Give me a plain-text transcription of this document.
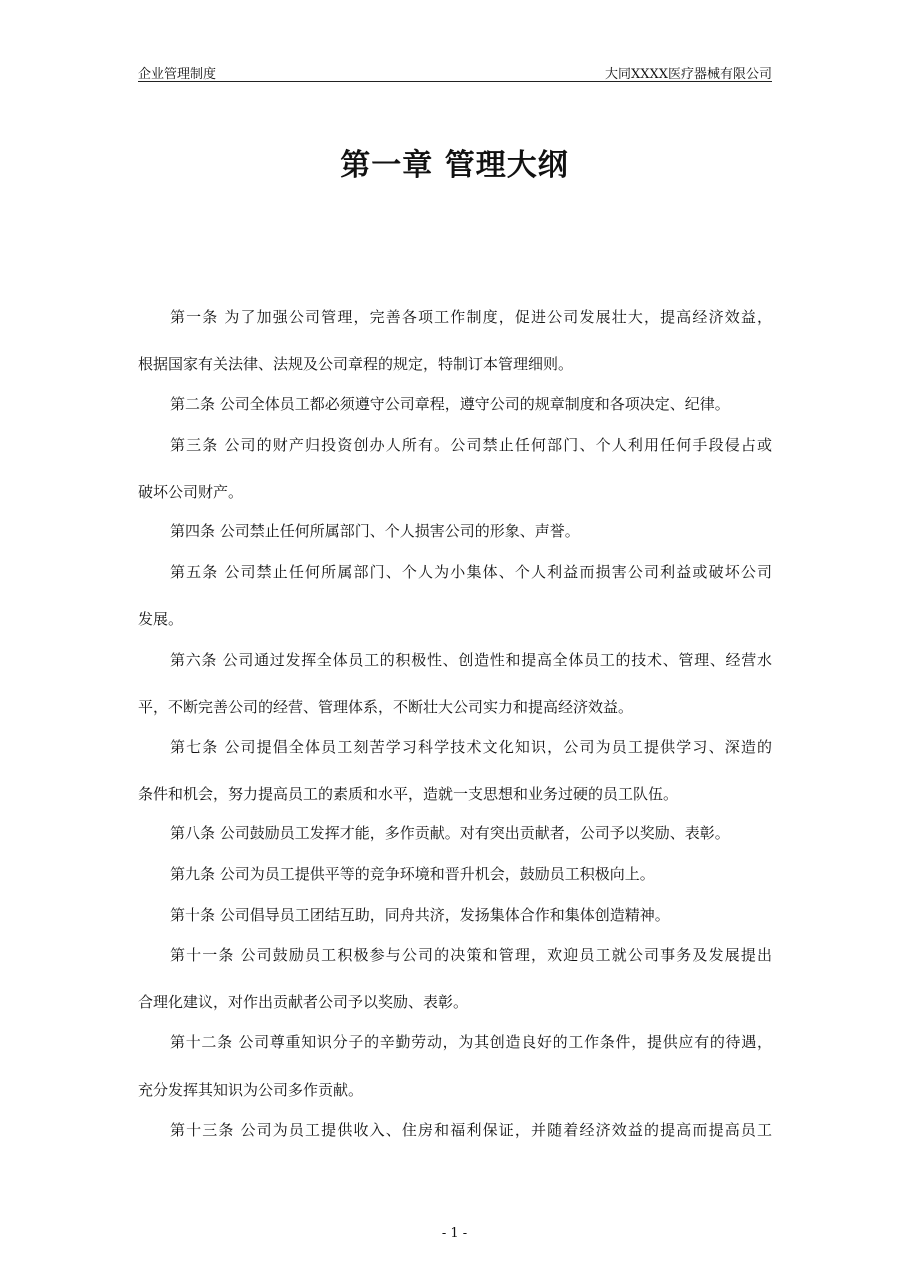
企业管理制度	大同XXXX医疗器械有限公司
第一章 管理大纲
第一条 为了加强公司管理，完善各项工作制度，促进公司发展壮大，提高经济效益，
根据国家有关法律、法规及公司章程的规定，特制订本管理细则。
第二条 公司全体员工都必须遵守公司章程，遵守公司的规章制度和各项决定、纪律。
第三条 公司的财产归投资创办人所有。公司禁止任何部门、个人利用任何手段侵占或
破坏公司财产。
第四条 公司禁止任何所属部门、个人损害公司的形象、声誉。
第五条 公司禁止任何所属部门、个人为小集体、个人利益而损害公司利益或破坏公司
发展。
第六条 公司通过发挥全体员工的积极性、创造性和提高全体员工的技术、管理、经营水
平，不断完善公司的经营、管理体系，不断壮大公司实力和提高经济效益。
第七条 公司提倡全体员工刻苦学习科学技术文化知识，公司为员工提供学习、深造的
条件和机会，努力提高员工的素质和水平，造就一支思想和业务过硬的员工队伍。
第八条 公司鼓励员工发挥才能，多作贡献。对有突出贡献者，公司予以奖励、表彰。
第九条 公司为员工提供平等的竞争环境和晋升机会，鼓励员工积极向上。
第十条 公司倡导员工团结互助，同舟共济，发扬集体合作和集体创造精神。
第十一条 公司鼓励员工积极参与公司的决策和管理，欢迎员工就公司事务及发展提出
合理化建议，对作出贡献者公司予以奖励、表彰。
第十二条 公司尊重知识分子的辛勤劳动，为其创造良好的工作条件，提供应有的待遇，
充分发挥其知识为公司多作贡献。
第十三条 公司为员工提供收入、住房和福利保证，并随着经济效益的提高而提高员工
- 1 -
